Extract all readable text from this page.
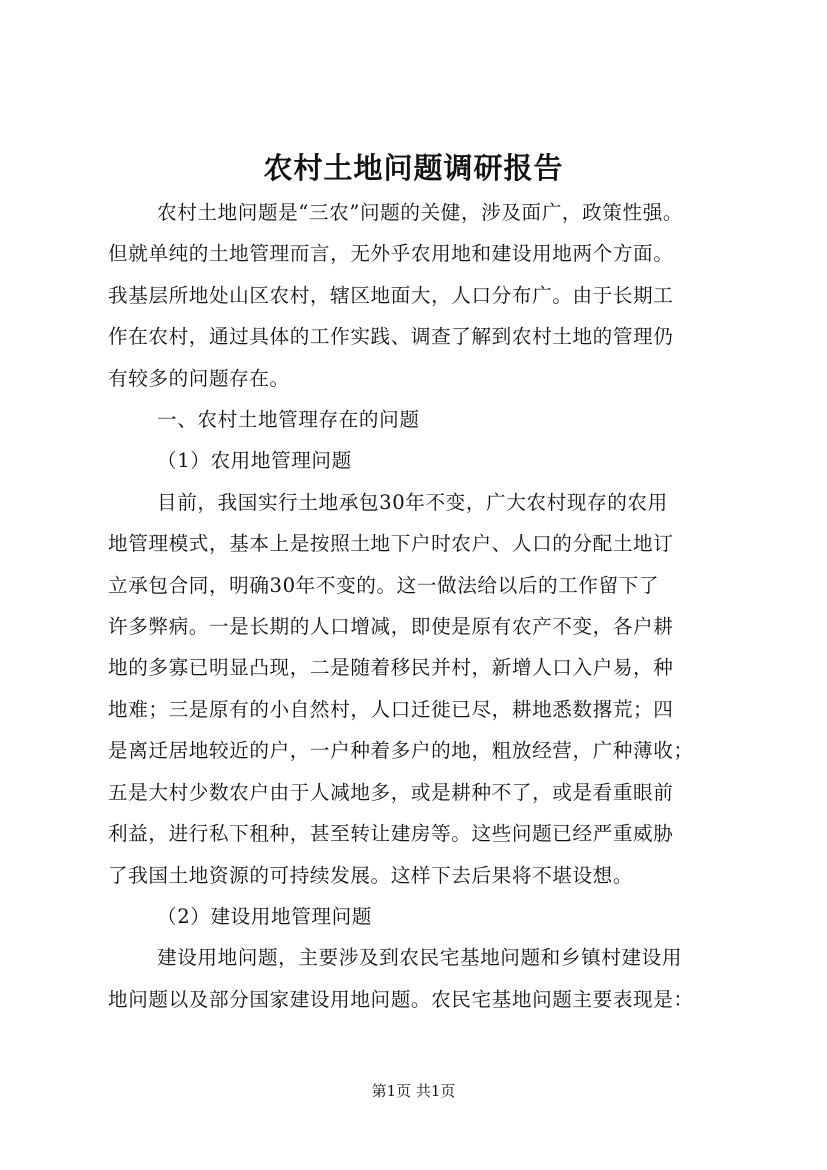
农村土地问题调研报告
农村土地问题是“三农”问题的关健，涉及面广，政策性强。
但就单纯的土地管理而言，无外乎农用地和建设用地两个方面。
我基层所地处山区农村，辖区地面大，人口分布广。由于长期工
作在农村，通过具体的工作实践、调查了解到农村土地的管理仍
有较多的问题存在。
一、农村土地管理存在的问题
（1）农用地管理问题
目前，我国实行土地承包30年不变，广大农村现存的农用
地管理模式，基本上是按照土地下户时农户、人口的分配土地订
立承包合同，明确30年不变的。这一做法给以后的工作留下了
许多弊病。一是长期的人口增减，即使是原有农产不变，各户耕
地的多寡已明显凸现，二是随着移民并村，新增人口入户易，种
地难；三是原有的小自然村，人口迁徙已尽，耕地悉数撂荒；四
是离迁居地较近的户，一户种着多户的地，粗放经营，广种薄收；
五是大村少数农户由于人减地多，或是耕种不了，或是看重眼前
利益，进行私下租种，甚至转让建房等。这些问题已经严重威胁
了我国土地资源的可持续发展。这样下去后果将不堪设想。
（2）建设用地管理问题
建设用地问题，主要涉及到农民宅基地问题和乡镇村建设用
地问题以及部分国家建设用地问题。农民宅基地问题主要表现是：
第1页 共1页
